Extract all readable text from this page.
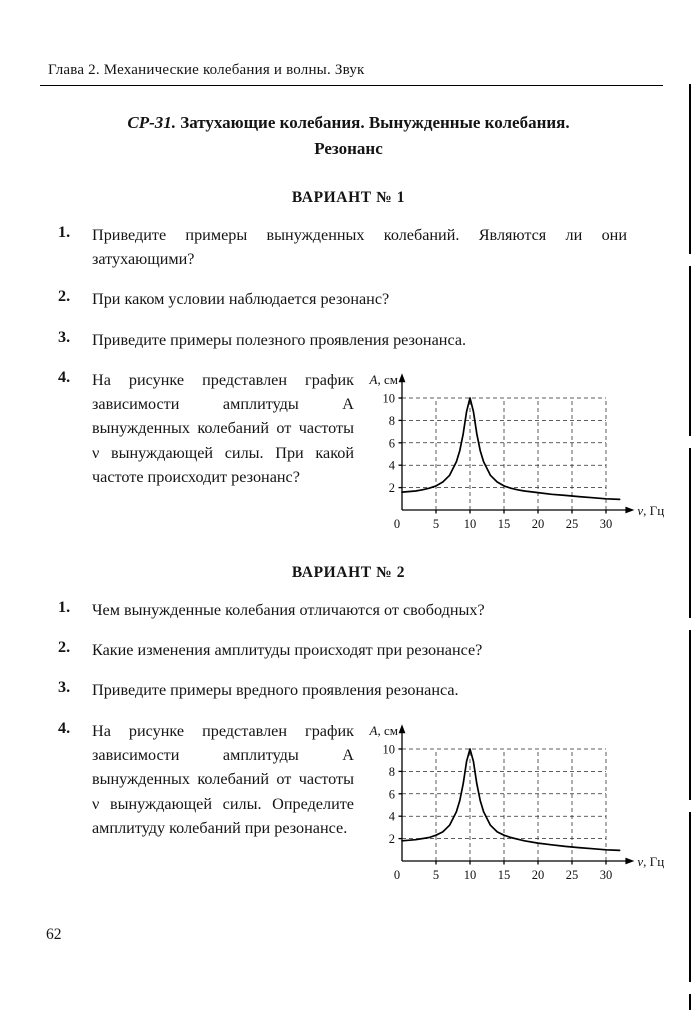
Глава 2. Механические колебания и волны. Звук
СР-31. Затухающие колебания. Вынужденные колебания.
Резонанс
ВАРИАНТ № 1
1.	Приведите примеры вынужденных колебаний. Являются ли они затухающими?
2.	При каком условии наблюдается резонанс?
3.	Приведите примеры полезного проявления резонанса.
4.	На рисунке представлен график зависимости амплитуды А вынужденных колебаний от частоты ν вынуждающей силы. При какой частоте происходит резонанс?
0	5 10 15 20 25 30
2
4
6
8
10
А, см
ν, Гц
ВАРИАНТ № 2
1.	Чем вынужденные колебания отличаются от свободных?
2.	Какие изменения амплитуды происходят при резонансе?
3.	Приведите примеры вредного проявления резонанса.
4.	На рисунке представлен график зависимости амплитуды А вынужденных колебаний от частоты ν вынуждающей силы. Определите амплитуду колебаний при резонансе.
0	5 10 15 20 25 30
2
4
6
8
10
А, см
ν, Гц
62
